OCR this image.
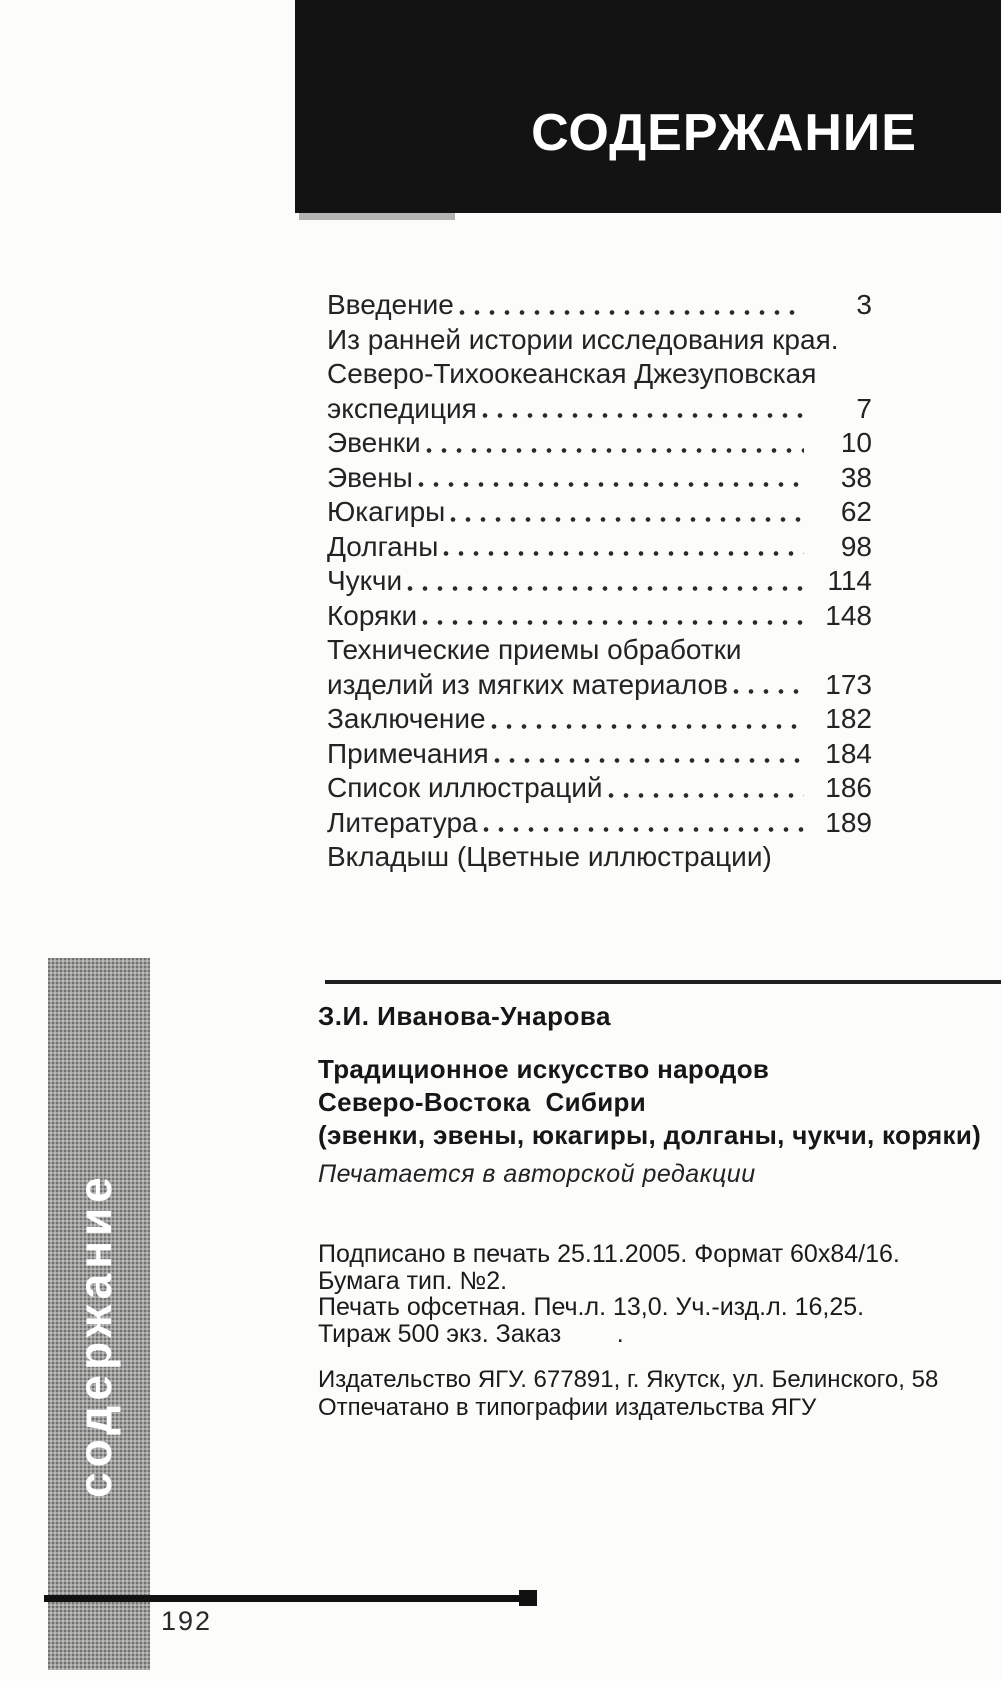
СОДЕРЖАНИЕ
Введение	3
Из ранней истории исследования края.
Северо-Тихоокеанская Джезуповская
экспедиция	7
Эвенки	10
Эвены	38
Юкагиры	62
Долганы	98
Чукчи	114
Коряки	148
Технические приемы обработки
изделий из мягких материалов	173
Заключение	182
Примечания	184
Список иллюстраций	186
Литература	189
Вкладыш (Цветные иллюстрации)
З.И. Иванова-Унарова
Традиционное искусство народов
Северо-Востока  Сибири
(эвенки, эвены, юкагиры, долганы, чукчи, коряки)
Печатается в авторской редакции
Подписано в печать 25.11.2005. Формат 60х84/16.
Бумага тип. №2.
Печать офсетная. Печ.л. 13,0. Уч.-изд.л. 16,25.
Тираж 500 экз. Заказ        .
Издательство ЯГУ. 677891, г. Якутск, ул. Белинского, 58
Отпечатано в типографии издательства ЯГУ
содержание
192
